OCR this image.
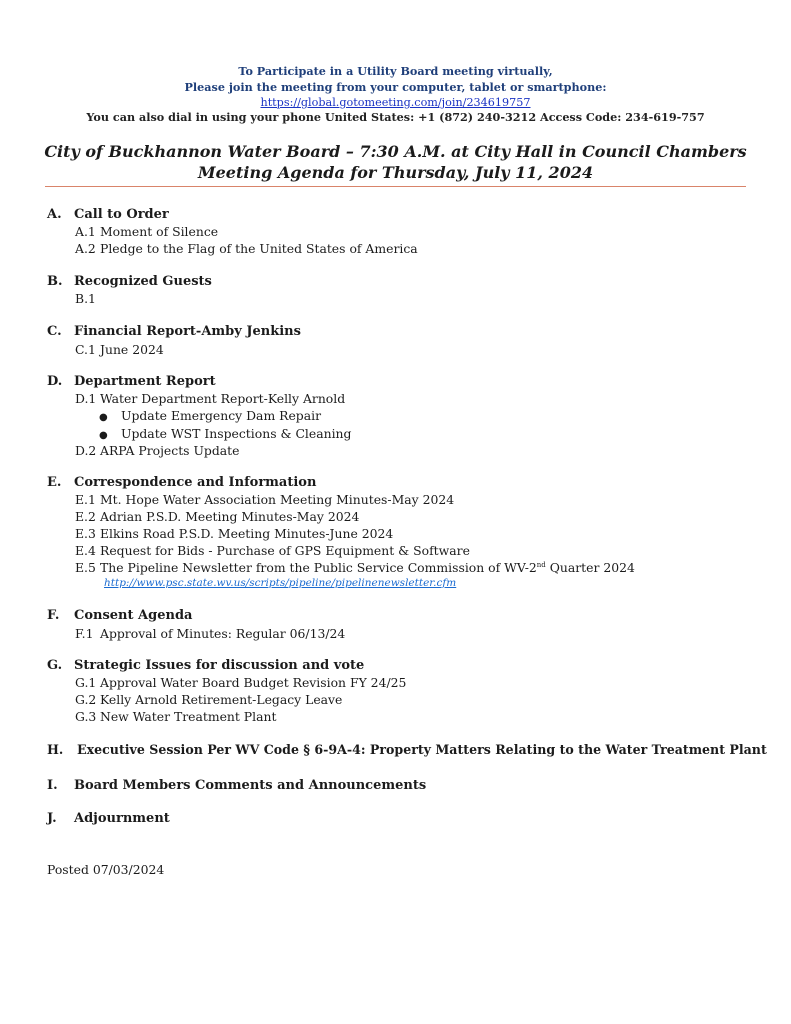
To Participate in a Utility Board meeting virtually,
Please join the meeting from your computer, tablet or smartphone:
https://global.gotomeeting.com/join/234619757
You can also dial in using your phone United States: +1 (872) 240-3212 Access Code: 234-619-757
City of Buckhannon Water Board – 7:30 A.M. at City Hall in Council Chambers
Meeting Agenda for Thursday, July 11, 2024
A. Call to Order
A.1 Moment of Silence
A.2 Pledge to the Flag of the United States of America
B. Recognized Guests
B.1
C. Financial Report-Amby Jenkins
C.1 June 2024
D. Department Report
D.1 Water Department Report-Kelly Arnold
● Update Emergency Dam Repair
● Update WST Inspections & Cleaning
D.2 ARPA Projects Update
E. Correspondence and Information
E.1 Mt. Hope Water Association Meeting Minutes-May 2024
E.2 Adrian P.S.D. Meeting Minutes-May 2024
E.3 Elkins Road P.S.D. Meeting Minutes-June 2024
E.4 Request for Bids - Purchase of GPS Equipment & Software
E.5 The Pipeline Newsletter from the Public Service Commission of WV-2nd Quarter 2024
http://www.psc.state.wv.us/scripts/pipeline/pipelinenewsletter.cfm
F. Consent Agenda
F.1 Approval of Minutes: Regular 06/13/24
G. Strategic Issues for discussion and vote
G.1 Approval Water Board Budget Revision FY 24/25
G.2 Kelly Arnold Retirement-Legacy Leave
G.3 New Water Treatment Plant
H. Executive Session Per WV Code § 6-9A-4: Property Matters Relating to the Water Treatment Plant
I. Board Members Comments and Announcements
J. Adjournment
Posted 07/03/2024
